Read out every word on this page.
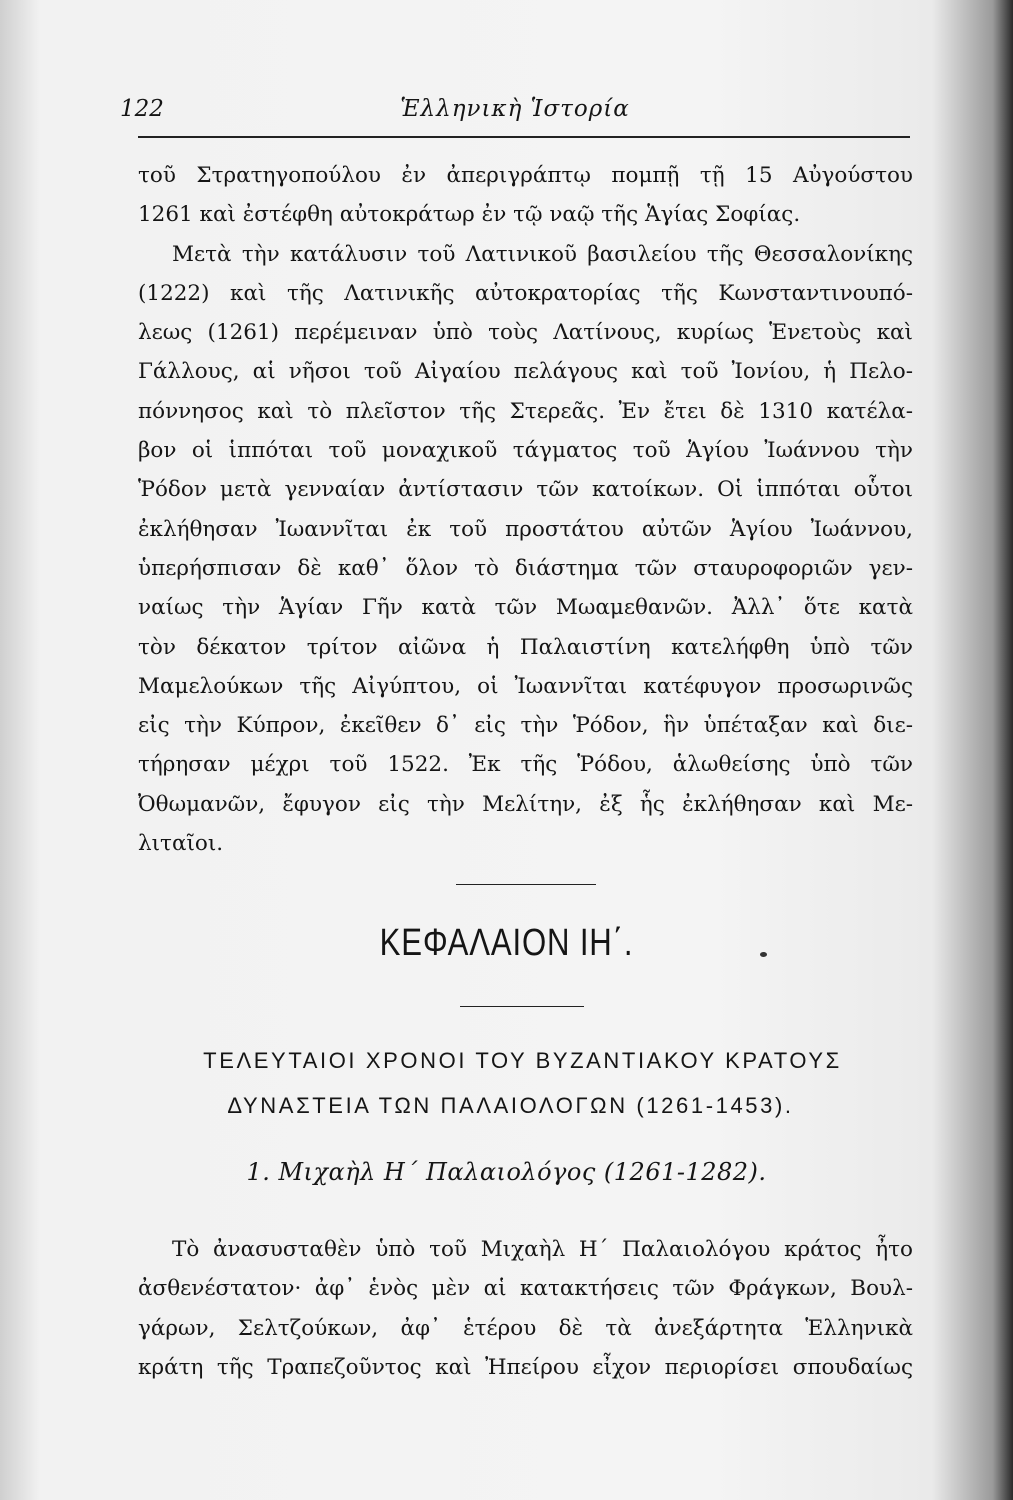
122	Ἑλληνικὴ Ἱστορία
τοῦ Στρατηγοπούλου ἐν ἀπεριγράπτῳ πομπῇ τῇ 15 Αὐγούστου
1261 καὶ ἐστέφθη αὐτοκράτωρ ἐν τῷ ναῷ τῆς Ἁγίας Σοφίας.
Μετὰ τὴν κατάλυσιν τοῦ Λατινικοῦ βασιλείου τῆς Θεσσαλονίκης
(1222) καὶ τῆς Λατινικῆς αὐτοκρατορίας τῆς Κωνσταντινουπό-
λεως (1261) περέμειναν ὑπὸ τοὺς Λατίνους, κυρίως Ἑνετοὺς καὶ
Γάλλους, αἱ νῆσοι τοῦ Αἰγαίου πελάγους καὶ τοῦ Ἰονίου, ἡ Πελο-
πόννησος καὶ τὸ πλεῖστον τῆς Στερεᾶς. Ἐν ἔτει δὲ 1310 κατέλα-
βον οἱ ἱππόται τοῦ μοναχικοῦ τάγματος τοῦ Ἁγίου Ἰωάννου τὴν
Ῥόδον μετὰ γενναίαν ἀντίστασιν τῶν κατοίκων. Οἱ ἱππόται οὗτοι
ἐκλήθησαν Ἰωαννῖται ἐκ τοῦ προστάτου αὐτῶν Ἁγίου Ἰωάννου,
ὑπερήσπισαν δὲ καθ᾽ ὅλον τὸ διάστημα τῶν σταυροφοριῶν γεν-
ναίως τὴν Ἁγίαν Γῆν κατὰ τῶν Μωαμεθανῶν. Ἀλλ᾽ ὅτε κατὰ
τὸν δέκατον τρίτον αἰῶνα ἡ Παλαιστίνη κατελήφθη ὑπὸ τῶν
Μαμελούκων τῆς Αἰγύπτου, οἱ Ἰωαννῖται κατέφυγον προσωρινῶς
εἰς τὴν Κύπρον, ἐκεῖθεν δ᾽ εἰς τὴν Ῥόδον, ἣν ὑπέταξαν καὶ διε-
τήρησαν μέχρι τοῦ 1522. Ἐκ τῆς Ῥόδου, ἁλωθείσης ὑπὸ τῶν
Ὀθωμανῶν, ἔφυγον εἰς τὴν Μελίτην, ἐξ ἧς ἐκλήθησαν καὶ Με-
λιταῖοι.
ΚΕΦΑΛΑΙΟΝ ΙΗ΄.
ΤΕΛΕΥΤΑΙΟΙ ΧΡΟΝΟΙ ΤΟΥ ΒΥΖΑΝΤΙΑΚΟΥ ΚΡΑΤΟΥΣ
ΔΥΝΑΣΤΕΙΑ ΤΩΝ ΠΑΛΑΙΟΛΟΓΩΝ (1261-1453).
1. Μιχαὴλ Η΄ Παλαιολόγος (1261-1282).
Τὸ ἀνασυσταθὲν ὑπὸ τοῦ Μιχαὴλ Η΄ Παλαιολόγου κράτος ἦτο
ἀσθενέστατον· ἀφ᾽ ἑνὸς μὲν αἱ κατακτήσεις τῶν Φράγκων, Βουλ-
γάρων, Σελτζούκων, ἀφ᾽ ἑτέρου δὲ τὰ ἀνεξάρτητα Ἑλληνικὰ
κράτη τῆς Τραπεζοῦντος καὶ Ἠπείρου εἶχον περιορίσει σπουδαίως
